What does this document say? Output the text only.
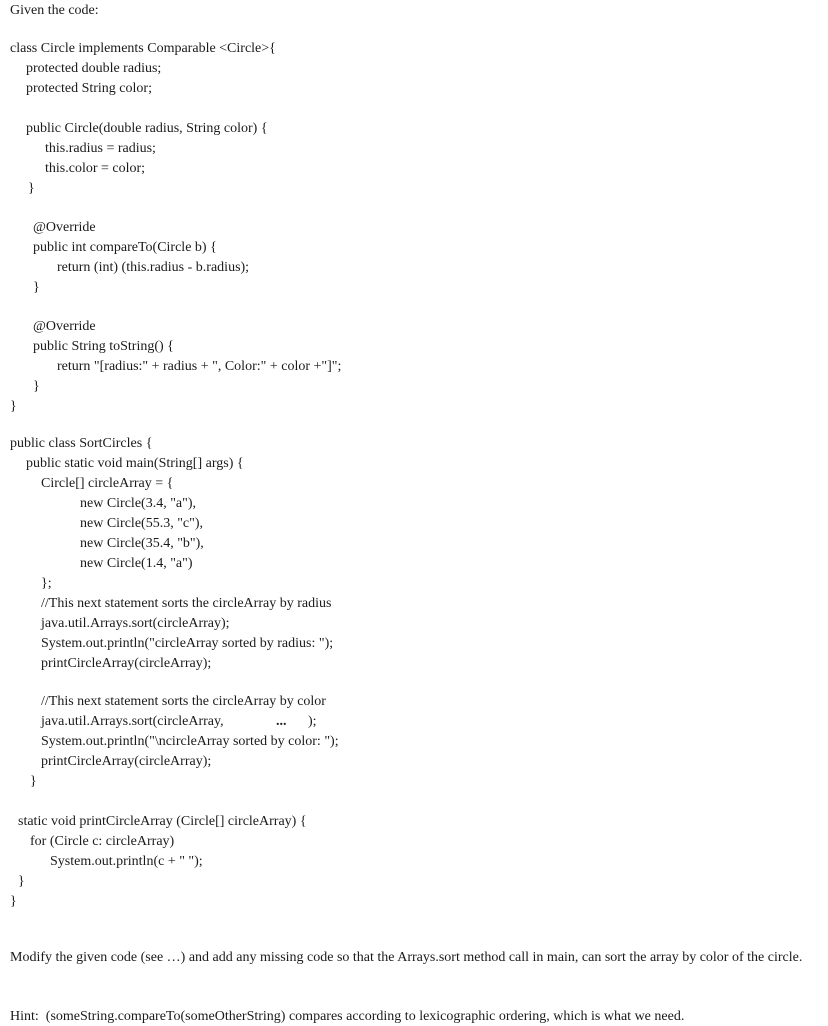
Given the code:
class Circle implements Comparable <Circle>{
protected double radius;
protected String color;
public Circle(double radius, String color) {
this.radius = radius;
this.color = color;
}
@Override
public int compareTo(Circle b) {
return (int) (this.radius - b.radius);
}
@Override
public String toString() {
return "[radius:" + radius + ", Color:" + color +"]";
}
}
public class SortCircles {
public static void main(String[] args) {
Circle[] circleArray = {
new Circle(3.4, "a"),
new Circle(55.3, "c"),
new Circle(35.4, "b"),
new Circle(1.4, "a")
};
//This next statement sorts the circleArray by radius
java.util.Arrays.sort(circleArray);
System.out.println("circleArray sorted by radius: ");
printCircleArray(circleArray);
//This next statement sorts the circleArray by color
java.util.Arrays.sort(circleArray,	... );
System.out.println("\ncircleArray sorted by color: ");
printCircleArray(circleArray);
}
static void printCircleArray (Circle[] circleArray) {
for (Circle c: circleArray)
System.out.println(c + " ");
}
}
Modify the given code (see …) and add any missing code so that the Arrays.sort method call in main, can sort the array by color of the circle.
Hint:  (someString.compareTo(someOtherString) compares according to lexicographic ordering, which is what we need.
